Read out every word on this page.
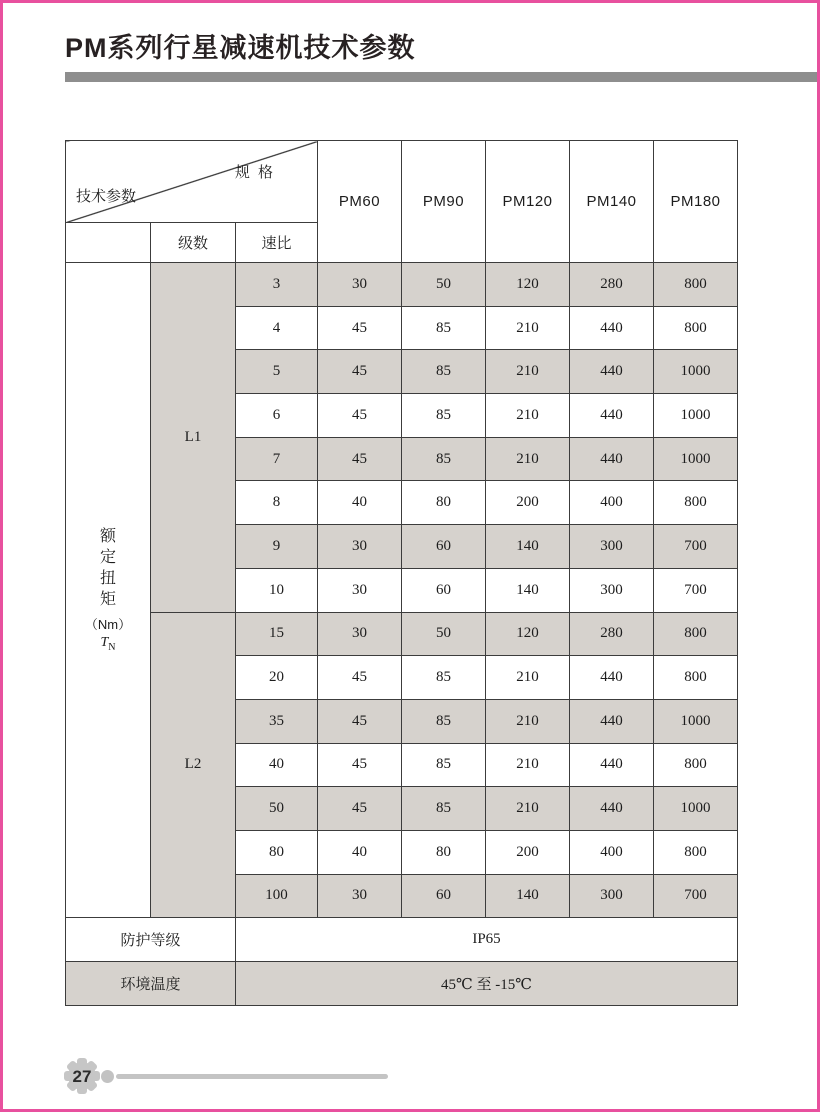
PM系列行星减速机技术参数
规 格
技术参数			PM60	PM90	PM120	PM140	PM180
	级数	速比					

额
定
扭
矩
（Nm）
$T_N$
	L1	3	30	50	120	280	800
		4	45	85	210	440	800
		5	45	85	210	440	1000
		6	45	85	210	440	1000
		7	45	85	210	440	1000
		8	40	80	200	400	800
		9	30	60	140	300	700
		10	30	60	140	300	700
	L2	15	30	50	120	280	800
		20	45	85	210	440	800
		35	45	85	210	440	1000
		40	45	85	210	440	800
		50	45	85	210	440	1000
		80	40	80	200	400	800
		100	30	60	140	300	700
防护等级		IP65					
环境温度		45℃ 至 -15℃					
27
